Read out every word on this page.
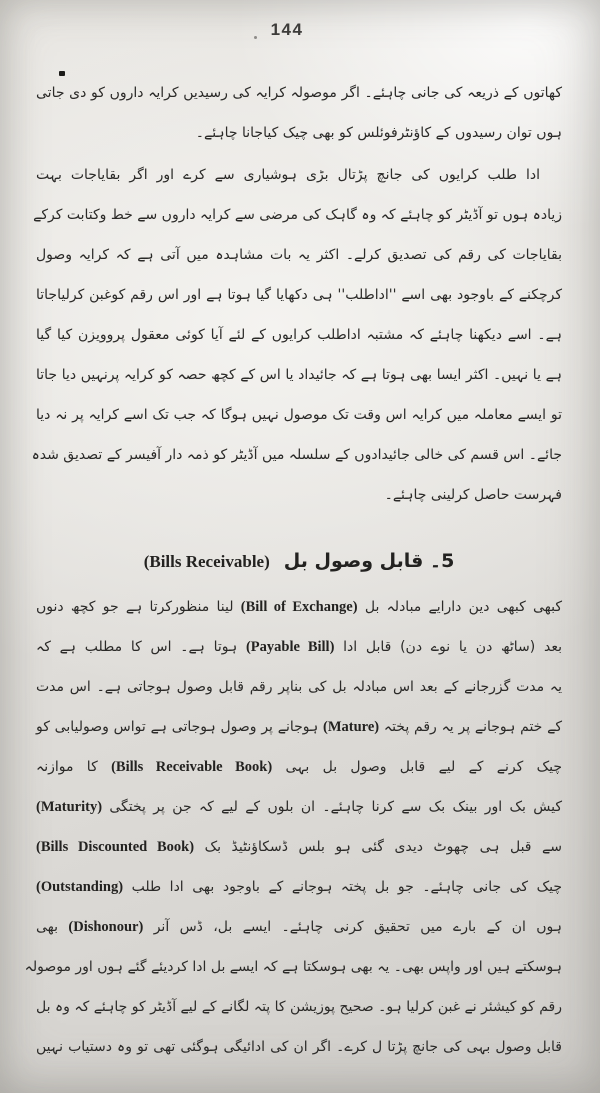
144
کھاتوں کے ذریعہ کی جانی چاہئے۔ اگر موصولہ کرایہ کی رسیدیں کرایہ داروں کو دی جاتی
ہوں توان رسیدوں کے کاؤنٹرفوئلس کو بھی چیک کیاجانا چاہئے۔
ادا طلب کرایوں کی جانچ پڑتال بڑی ہوشیاری سے کرے اور اگر بقایاجات بہت
زیادہ ہوں تو آڈیٹر کو چاہئے کہ وہ گاہک کی مرضی سے کرایہ داروں سے خط وکتابت کرکے
بقایاجات کی رقم کی تصدیق کرلے۔ اکثر یہ بات مشاہدہ میں آتی ہے کہ کرایہ وصول
کرچکنے کے باوجود بھی اسے ''اداطلب'' ہی دکھایا گیا ہوتا ہے اور اس رقم کوغبن کرلیاجاتا
ہے۔ اسے دیکھنا چاہئے کہ مشتبہ اداطلب کرایوں کے لئے آیا کوئی معقول پروویزن کیا گیا
ہے یا نہیں۔ اکثر ایسا بھی ہوتا ہے کہ جائیداد یا اس کے کچھ حصہ کو کرایہ پرنہیں دیا جاتا
تو ایسے معاملہ میں کرایہ اس وقت تک موصول نہیں ہوگا کہ جب تک اسے کرایہ پر نہ دیا
جائے۔ اس قسم کی خالی جائیدادوں کے سلسلہ میں آڈیٹر کو ذمہ دار آفیسر کے تصدیق شدہ
فہرست حاصل کرلینی چاہئے۔
5۔ قابل وصول بل(Bills Receivable)
کبھی کبھی دین دارایے مبادلہ بل (Bill of Exchange) لینا منظورکرتا ہے جو کچھ دنوں
بعد (ساٹھ دن یا نوے دن) قابل ادا (Payable Bill) ہوتا ہے۔ اس کا مطلب ہے کہ
یہ مدت گزرجانے کے بعد اس مبادلہ بل کی بناپر رقم قابل وصول ہوجاتی ہے۔ اس مدت
کے ختم ہوجانے پر یہ رقم پختہ (Mature) ہوجانے پر وصول ہوجاتی ہے تواس وصولیابی کو
چیک کرنے کے لیے قابل وصول بل بہی (Bills Receivable Book) کا موازنہ
کیش بک اور بینک بک سے کرنا چاہئے۔ ان بلوں کے لیے کہ جن پر پختگی (Maturity)
سے قبل ہی چھوٹ دیدی گئی ہو بلس ڈسکاؤنٹیڈ بک (Bills Discounted Book)
چیک کی جانی چاہئے۔ جو بل پختہ ہوجانے کے باوجود بھی ادا طلب (Outstanding)
ہوں ان کے بارے میں تحقیق کرنی چاہئے۔ ایسے بل، ڈس آنر (Dishonour) بھی
ہوسکتے ہیں اور واپس بھی۔ یہ بھی ہوسکتا ہے کہ ایسے بل ادا کردیئے گئے ہوں اور موصولہ
رقم کو کیشئر نے غبن کرلیا ہو۔ صحیح پوزیشن کا پتہ لگانے کے لیے آڈیٹر کو چاہئے کہ وہ بل
قابل وصول بہی کی جانچ پڑتا ل کرے۔ اگر ان کی ادائیگی ہوگئی تھی تو وہ دستیاب نہیں
